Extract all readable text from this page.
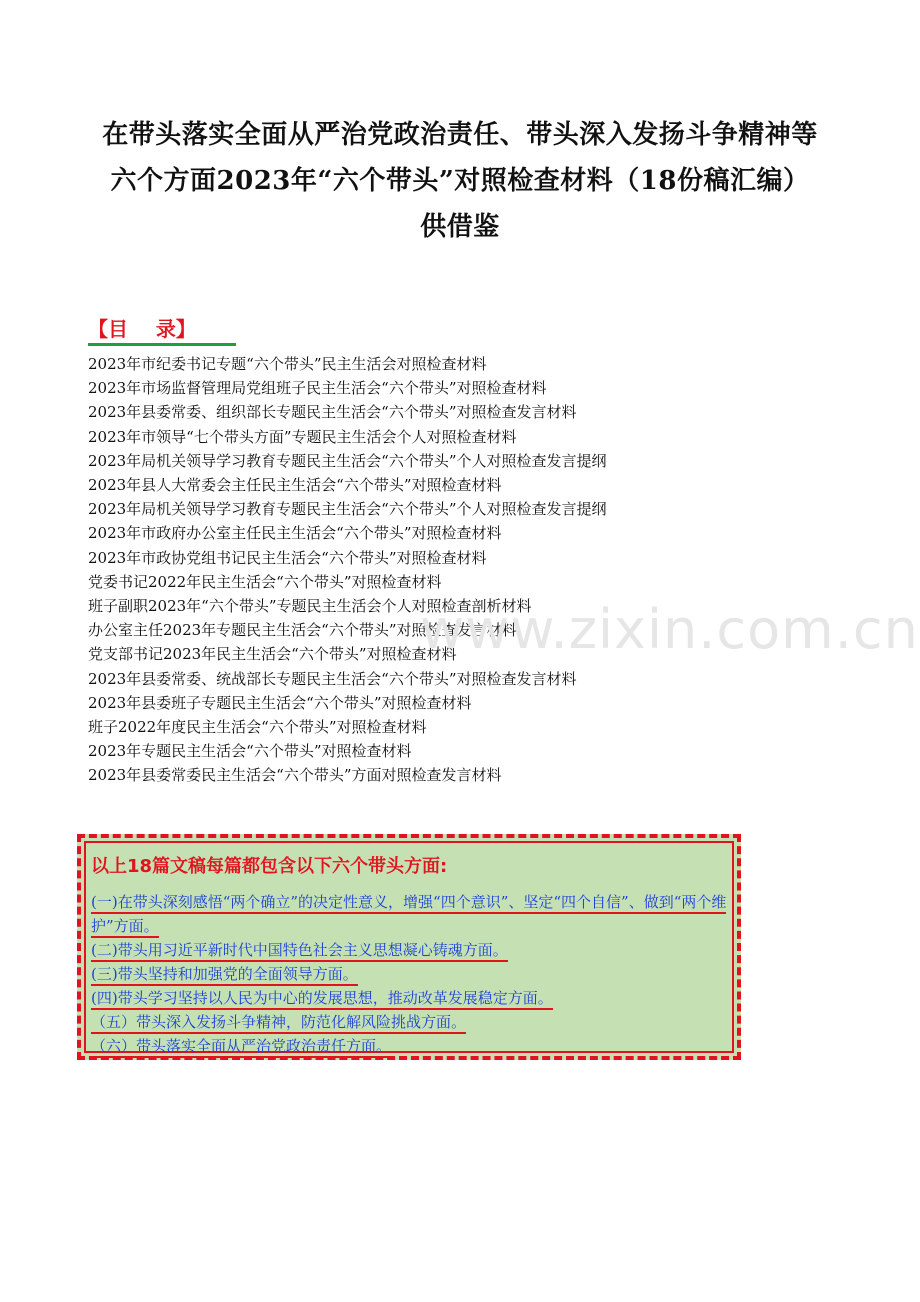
在带头落实全面从严治党政治责任、带头深入发扬斗争精神等
六个方面2023年“六个带头”对照检查材料（18份稿汇编）
供借鉴
【目    录】
2023年市纪委书记专题“六个带头”民主生活会对照检查材料
2023年市场监督管理局党组班子民主生活会“六个带头”对照检查材料
2023年县委常委、组织部长专题民主生活会“六个带头”对照检查发言材料
2023年市领导“七个带头方面”专题民主生活会个人对照检查材料
2023年局机关领导学习教育专题民主生活会“六个带头”个人对照检查发言提纲
2023年县人大常委会主任民主生活会“六个带头”对照检查材料
2023年局机关领导学习教育专题民主生活会“六个带头”个人对照检查发言提纲
2023年市政府办公室主任民主生活会“六个带头”对照检查材料
2023年市政协党组书记民主生活会“六个带头”对照检查材料
党委书记2022年民主生活会“六个带头”对照检查材料
班子副职2023年“六个带头”专题民主生活会个人对照检查剖析材料
办公室主任2023年专题民主生活会“六个带头”对照检查发言材料
党支部书记2023年民主生活会“六个带头”对照检查材料
2023年县委常委、统战部长专题民主生活会“六个带头”对照检查发言材料
2023年县委班子专题民主生活会“六个带头”对照检查材料
班子2022年度民主生活会“六个带头”对照检查材料
2023年专题民主生活会“六个带头”对照检查材料
2023年县委常委民主生活会“六个带头”方面对照检查发言材料
www.zixin.com.cn
以上18篇文稿每篇都包含以下六个带头方面:
(一)在带头深刻感悟“两个确立”的决定性意义，增强“四个意识”、坚定“四个自信”、做到“两个维护”方面。
(二)带头用习近平新时代中国特色社会主义思想凝心铸魂方面。
(三)带头坚持和加强党的全面领导方面。
(四)带头学习坚持以人民为中心的发展思想，推动改革发展稳定方面。
（五）带头深入发扬斗争精神，防范化解风险挑战方面。
（六）带头落实全面从严治党政治责任方面。
